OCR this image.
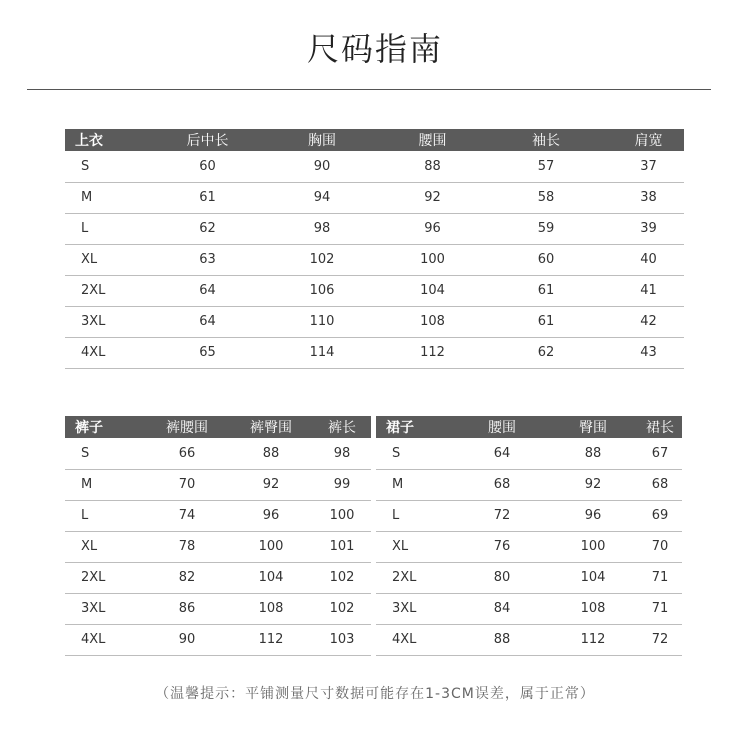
尺码指南
上衣	后中长	胸围	腰围	袖长	肩宽
S	60	90	88	57	37
M	61	94	92	58	38
L	62	98	96	59	39
XL	63	102	100	60	40
2XL	64	106	104	61	41
3XL	64	110	108	61	42
4XL	65	114	112	62	43
裤子	裤腰围	裤臀围	裤长
S	66	88	98
M	70	92	99
L	74	96	100
XL	78	100	101
2XL	82	104	102
3XL	86	108	102
4XL	90	112	103
裙子	腰围	臀围	裙长
S	64	88	67
M	68	92	68
L	72	96	69
XL	76	100	70
2XL	80	104	71
3XL	84	108	71
4XL	88	112	72
（温馨提示：平铺测量尺寸数据可能存在1-3CM误差，属于正常）
